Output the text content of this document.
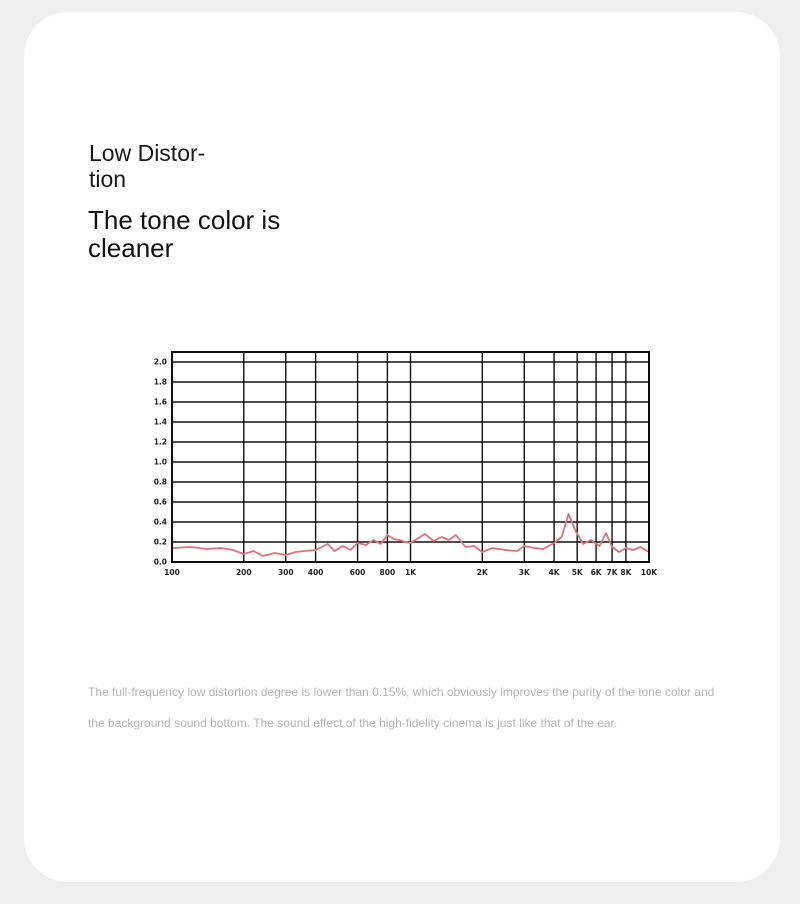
Low Distor-
tion
The tone color is
cleaner
100	200	300 400	600 800 1K	2K	3K	4K 5K 6K 7K 8K 10K
0.0
0.2
0.4
0.6
0.8
1.0
1.2
1.4
1.6
1.8
2.0

The full-frequency low distortion degree is lower than 0.15%, which obviously improves the purity of the tone color and the background sound bottom. The sound effect of the high-fidelity cinema is just like that of the ear.
